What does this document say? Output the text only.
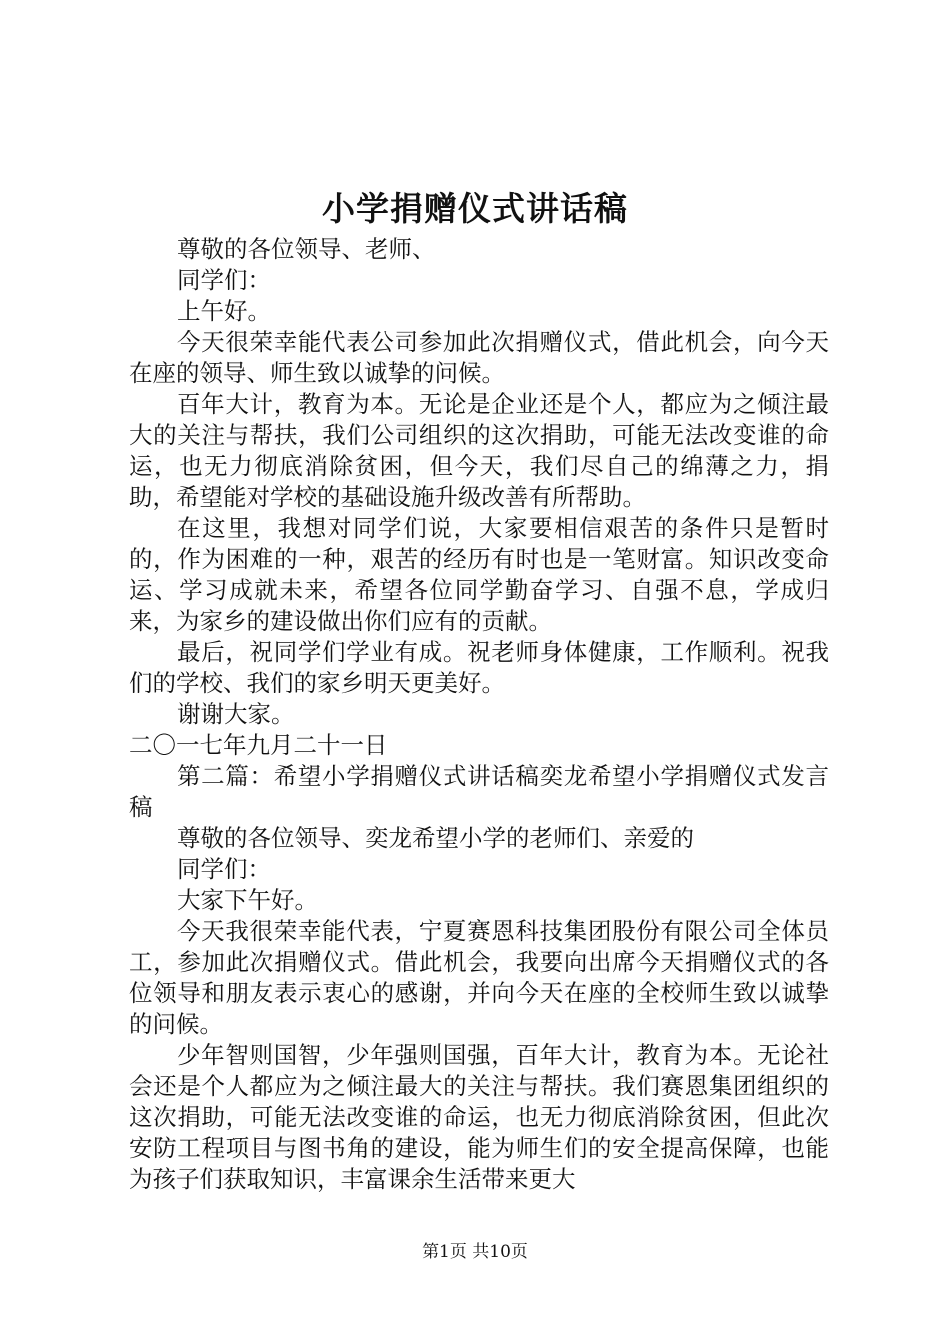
小学捐赠仪式讲话稿

尊敬的各位领导、老师、

同学们：

上午好。

今天很荣幸能代表公司参加此次捐赠仪式，借此机会，向今天在座的领导、师生致以诚挚的问候。

百年大计，教育为本。无论是企业还是个人，都应为之倾注最大的关注与帮扶，我们公司组织的这次捐助，可能无法改变谁的命运，也无力彻底消除贫困，但今天，我们尽自己的绵薄之力，捐助，希望能对学校的基础设施升级改善有所帮助。

在这里，我想对同学们说，大家要相信艰苦的条件只是暂时的，作为困难的一种，艰苦的经历有时也是一笔财富。知识改变命运、学习成就未来，希望各位同学勤奋学习、自强不息，学成归来，为家乡的建设做出你们应有的贡献。

最后，祝同学们学业有成。祝老师身体健康，工作顺利。祝我们的学校、我们的家乡明天更美好。

谢谢大家。

二〇一七年九月二十一日

第二篇：希望小学捐赠仪式讲话稿奕龙希望小学捐赠仪式发言稿

尊敬的各位领导、奕龙希望小学的老师们、亲爱的

同学们：

大家下午好。

今天我很荣幸能代表，宁夏赛恩科技集团股份有限公司全体员工，参加此次捐赠仪式。借此机会，我要向出席今天捐赠仪式的各位领导和朋友表示衷心的感谢，并向今天在座的全校师生致以诚挚的问候。

少年智则国智，少年强则国强，百年大计，教育为本。无论社会还是个人都应为之倾注最大的关注与帮扶。我们赛恩集团组织的这次捐助，可能无法改变谁的命运，也无力彻底消除贫困，但此次安防工程项目与图书角的建设，能为师生们的安全提高保障，也能为孩子们获取知识，丰富课余生活带来更大

第1页 共10页
